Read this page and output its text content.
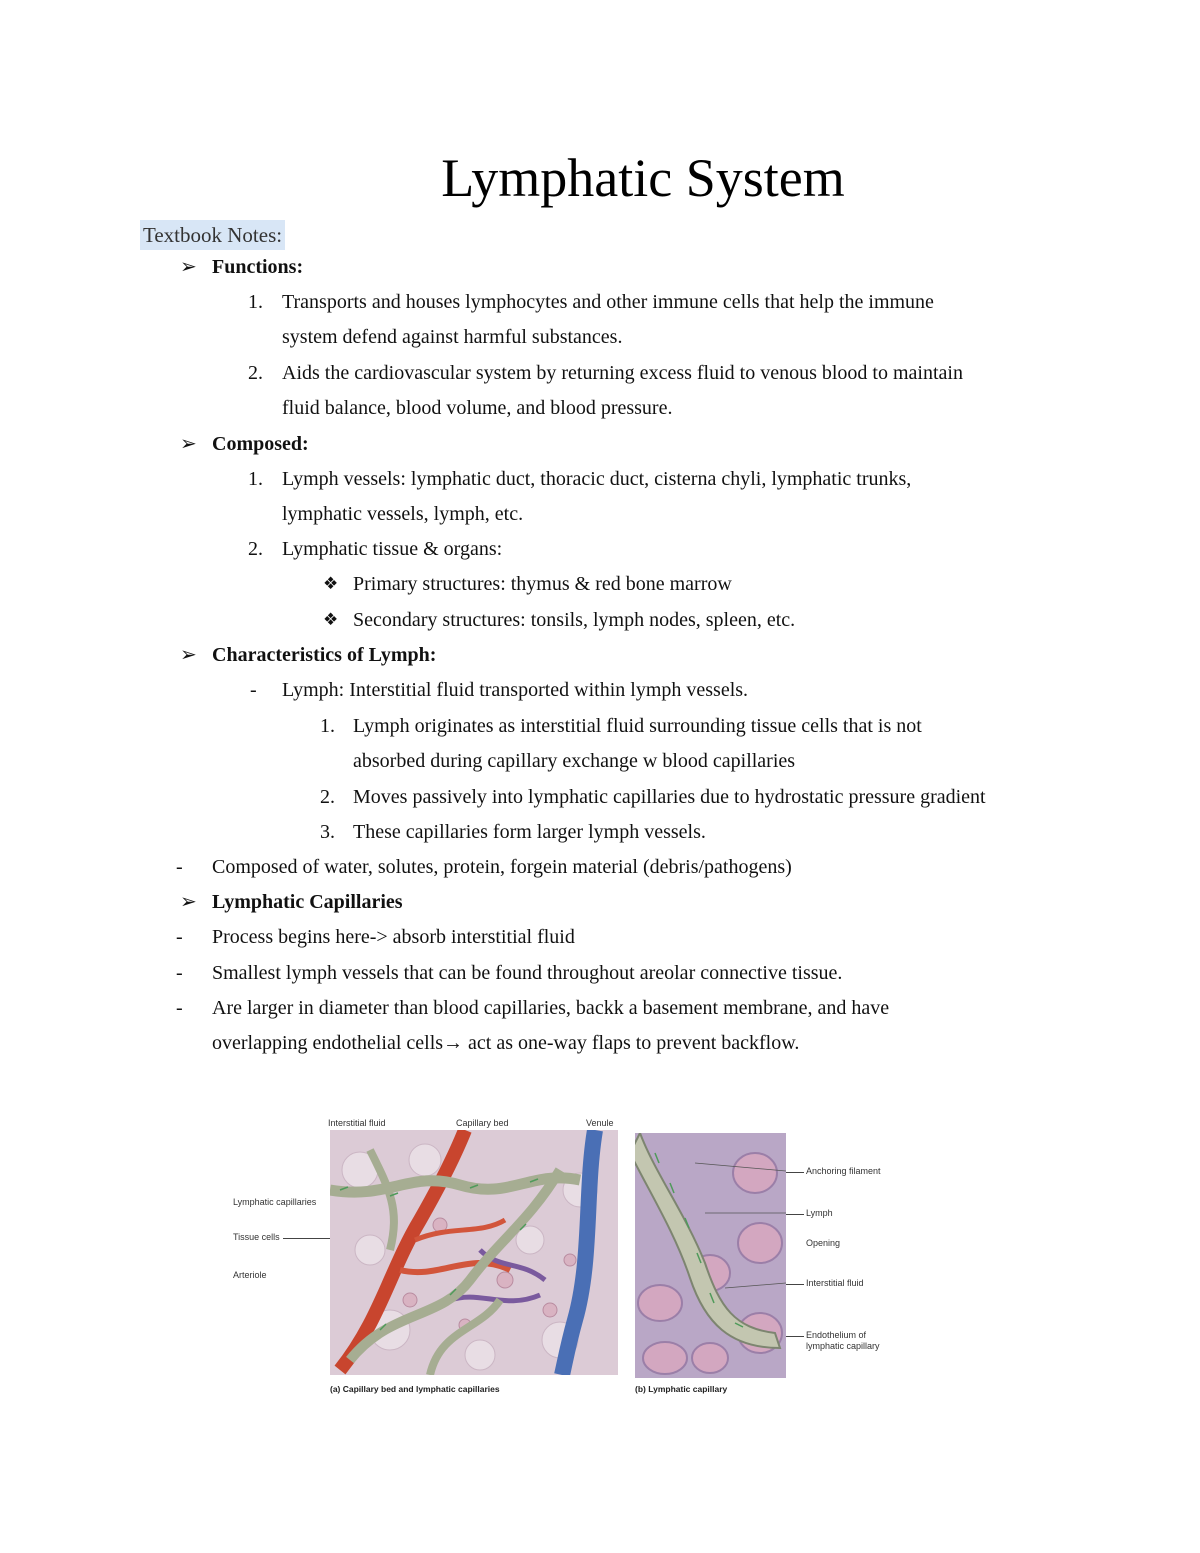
Lymphatic System
Textbook Notes:
➢ Functions:
1. Transports and houses lymphocytes and other immune cells that help the immune
system defend against harmful substances.
2. Aids the cardiovascular system by returning excess fluid to venous blood to maintain
fluid balance, blood volume, and blood pressure.
➢ Composed:
1. Lymph vessels: lymphatic duct, thoracic duct, cisterna chyli, lymphatic trunks,
lymphatic vessels, lymph, etc.
2. Lymphatic tissue & organs:
❖ Primary structures: thymus & red bone marrow
❖ Secondary structures: tonsils, lymph nodes, spleen, etc.
➢ Characteristics of Lymph:
- Lymph: Interstitial fluid transported within lymph vessels.
1. Lymph originates as interstitial fluid surrounding tissue cells that is not
absorbed during capillary exchange w blood capillaries
2. Moves passively into lymphatic capillaries due to hydrostatic pressure gradient
3. These capillaries form larger lymph vessels.
- Composed of water, solutes, protein, forgein material (debris/pathogens)
➢ Lymphatic Capillaries
- Process begins here-> absorb interstitial fluid
- Smallest lymph vessels that can be found throughout areolar connective tissue.
- Are larger in diameter than blood capillaries, backk a basement membrane, and have
overlapping endothelial cells→ act as one-way flaps to prevent backflow.
Interstitial fluid	Capillary bed	Venule
Lymphatic capillaries
Tissue cells
Arteriole
(a) Capillary bed and lymphatic capillaries
Anchoring filament
Lymph
Opening
Interstitial fluid
Endothelium of
lymphatic capillary
(b) Lymphatic capillary
